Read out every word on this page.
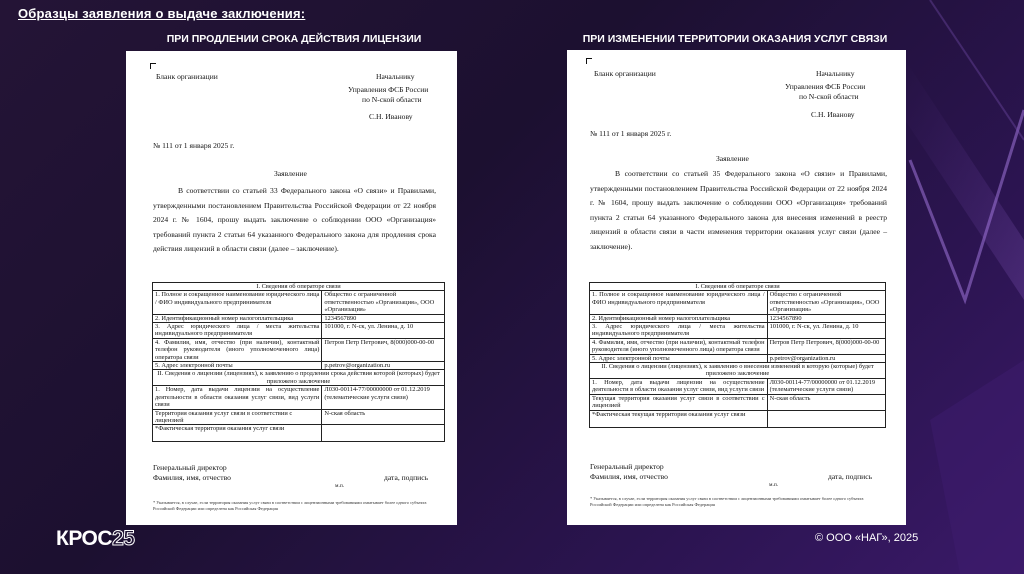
Образцы заявления о выдаче заключения:
ПРИ ПРОДЛЕНИИ СРОКА ДЕЙСТВИЯ ЛИЦЕНЗИИ	ПРИ ИЗМЕНЕНИИ ТЕРРИТОРИИ ОКАЗАНИЯ УСЛУГ СВЯЗИ
Бланк организации	Начальнику
Управления ФСБ России
по N-ской области
С.Н. Иванову
№ 111 от 1 января 2025 г.
Заявление
В соответствии со статьей 33 Федерального закона «О связи» и Правилами, утвержденными постановлением Правительства Российской Федерации от 22 ноября 2024 г. № 1604, прошу выдать заключение о соблюдении ООО «Организация» требований пункта 2 статьи 64 указанного Федерального закона для продления срока действия лицензий в области связи (далее – заключение).
I. Сведения об операторе связи	
1. Полное и сокращенное наименование юридического лица / ФИО индивидуального предпринимателя	Общество с ограниченной ответственностью «Организация», ООО «Организация»
2. Идентификационный номер налогоплательщика	1234567890
3. Адрес юридического лица / места жительства индивидуального предпринимателя	101000, г. N-ск, ул. Ленина, д. 10
4. Фамилия, имя, отчество (при наличии), контактный телефон руководителя (иного уполномоченного лица) оператора связи	Петров Петр Петрович, 8(000)000-00-00
5. Адрес электронной почты	p.petrov@organization.ru
II. Сведения о лицензии (лицензиях), к заявлению о продлении срока действия которой (которых) будет приложено заключение	
1. Номер, дата выдачи лицензии на осуществление деятельности в области оказания услуг связи, вид услуги связи	Л030-00114-77/00000000 от 01.12.2019 (телематические услуги связи)
Территория оказания услуг связи в соответствии с лицензией	N-ская область
*Фактическая территория оказания услуг связи	
Генеральный директор
Фамилия, имя, отчество	дата, подпись
м.п.
* Указывается, в случае, если территория оказания услуг связи в соответствии с лицензионными требованиями охватывает более одного субъекта Российской Федерации или определена как Российская Федерация
Бланк организации	Начальнику
Управления ФСБ России
по N-ской области
С.Н. Иванову
№ 111 от 1 января 2025 г.
Заявление
В соответствии со статьей 35 Федерального закона «О связи» и Правилами, утвержденными постановлением Правительства Российской Федерации от 22 ноября 2024 г. № 1604, прошу выдать заключение о соблюдении ООО «Организация» требований пункта 2 статьи 64 указанного Федерального закона для внесения изменений в реестр лицензий в области связи в части изменения территории оказания услуг связи (далее – заключение).
I. Сведения об операторе связи	
1. Полное и сокращенное наименование юридического лица / ФИО индивидуального предпринимателя	Общество с ограниченной ответственностью «Организация», ООО «Организация»
2. Идентификационный номер налогоплательщика	1234567890
3. Адрес юридического лица / места жительства индивидуального предпринимателя	101000, г. N-ск, ул. Ленина, д. 10
4. Фамилия, имя, отчество (при наличии), контактный телефон руководителя (иного уполномоченного лица) оператора связи	Петров Петр Петрович, 8(000)000-00-00
5. Адрес электронной почты	p.petrov@organization.ru
II. Сведения о лицензии (лицензиях), к заявлению о внесении изменений в которую (которые) будет приложено заключение	
1. Номер, дата выдачи лицензии на осуществление деятельности в области оказания услуг связи, вид услуги связи	Л030-00114-77/00000000 от 01.12.2019 (телематические услуги связи)
Текущая территория оказания услуг связи в соответствии с лицензией	N-ская область
*Фактическая текущая территория оказания услуг связи	
Генеральный директор
Фамилия, имя, отчество	дата, подпись
м.п.
* Указывается, в случае, если территория оказания услуг связи в соответствии с лицензионными требованиями охватывает более одного субъекта Российской Федерации или определена как Российская Федерация
КРОС25	© ООО «НАГ», 2025
